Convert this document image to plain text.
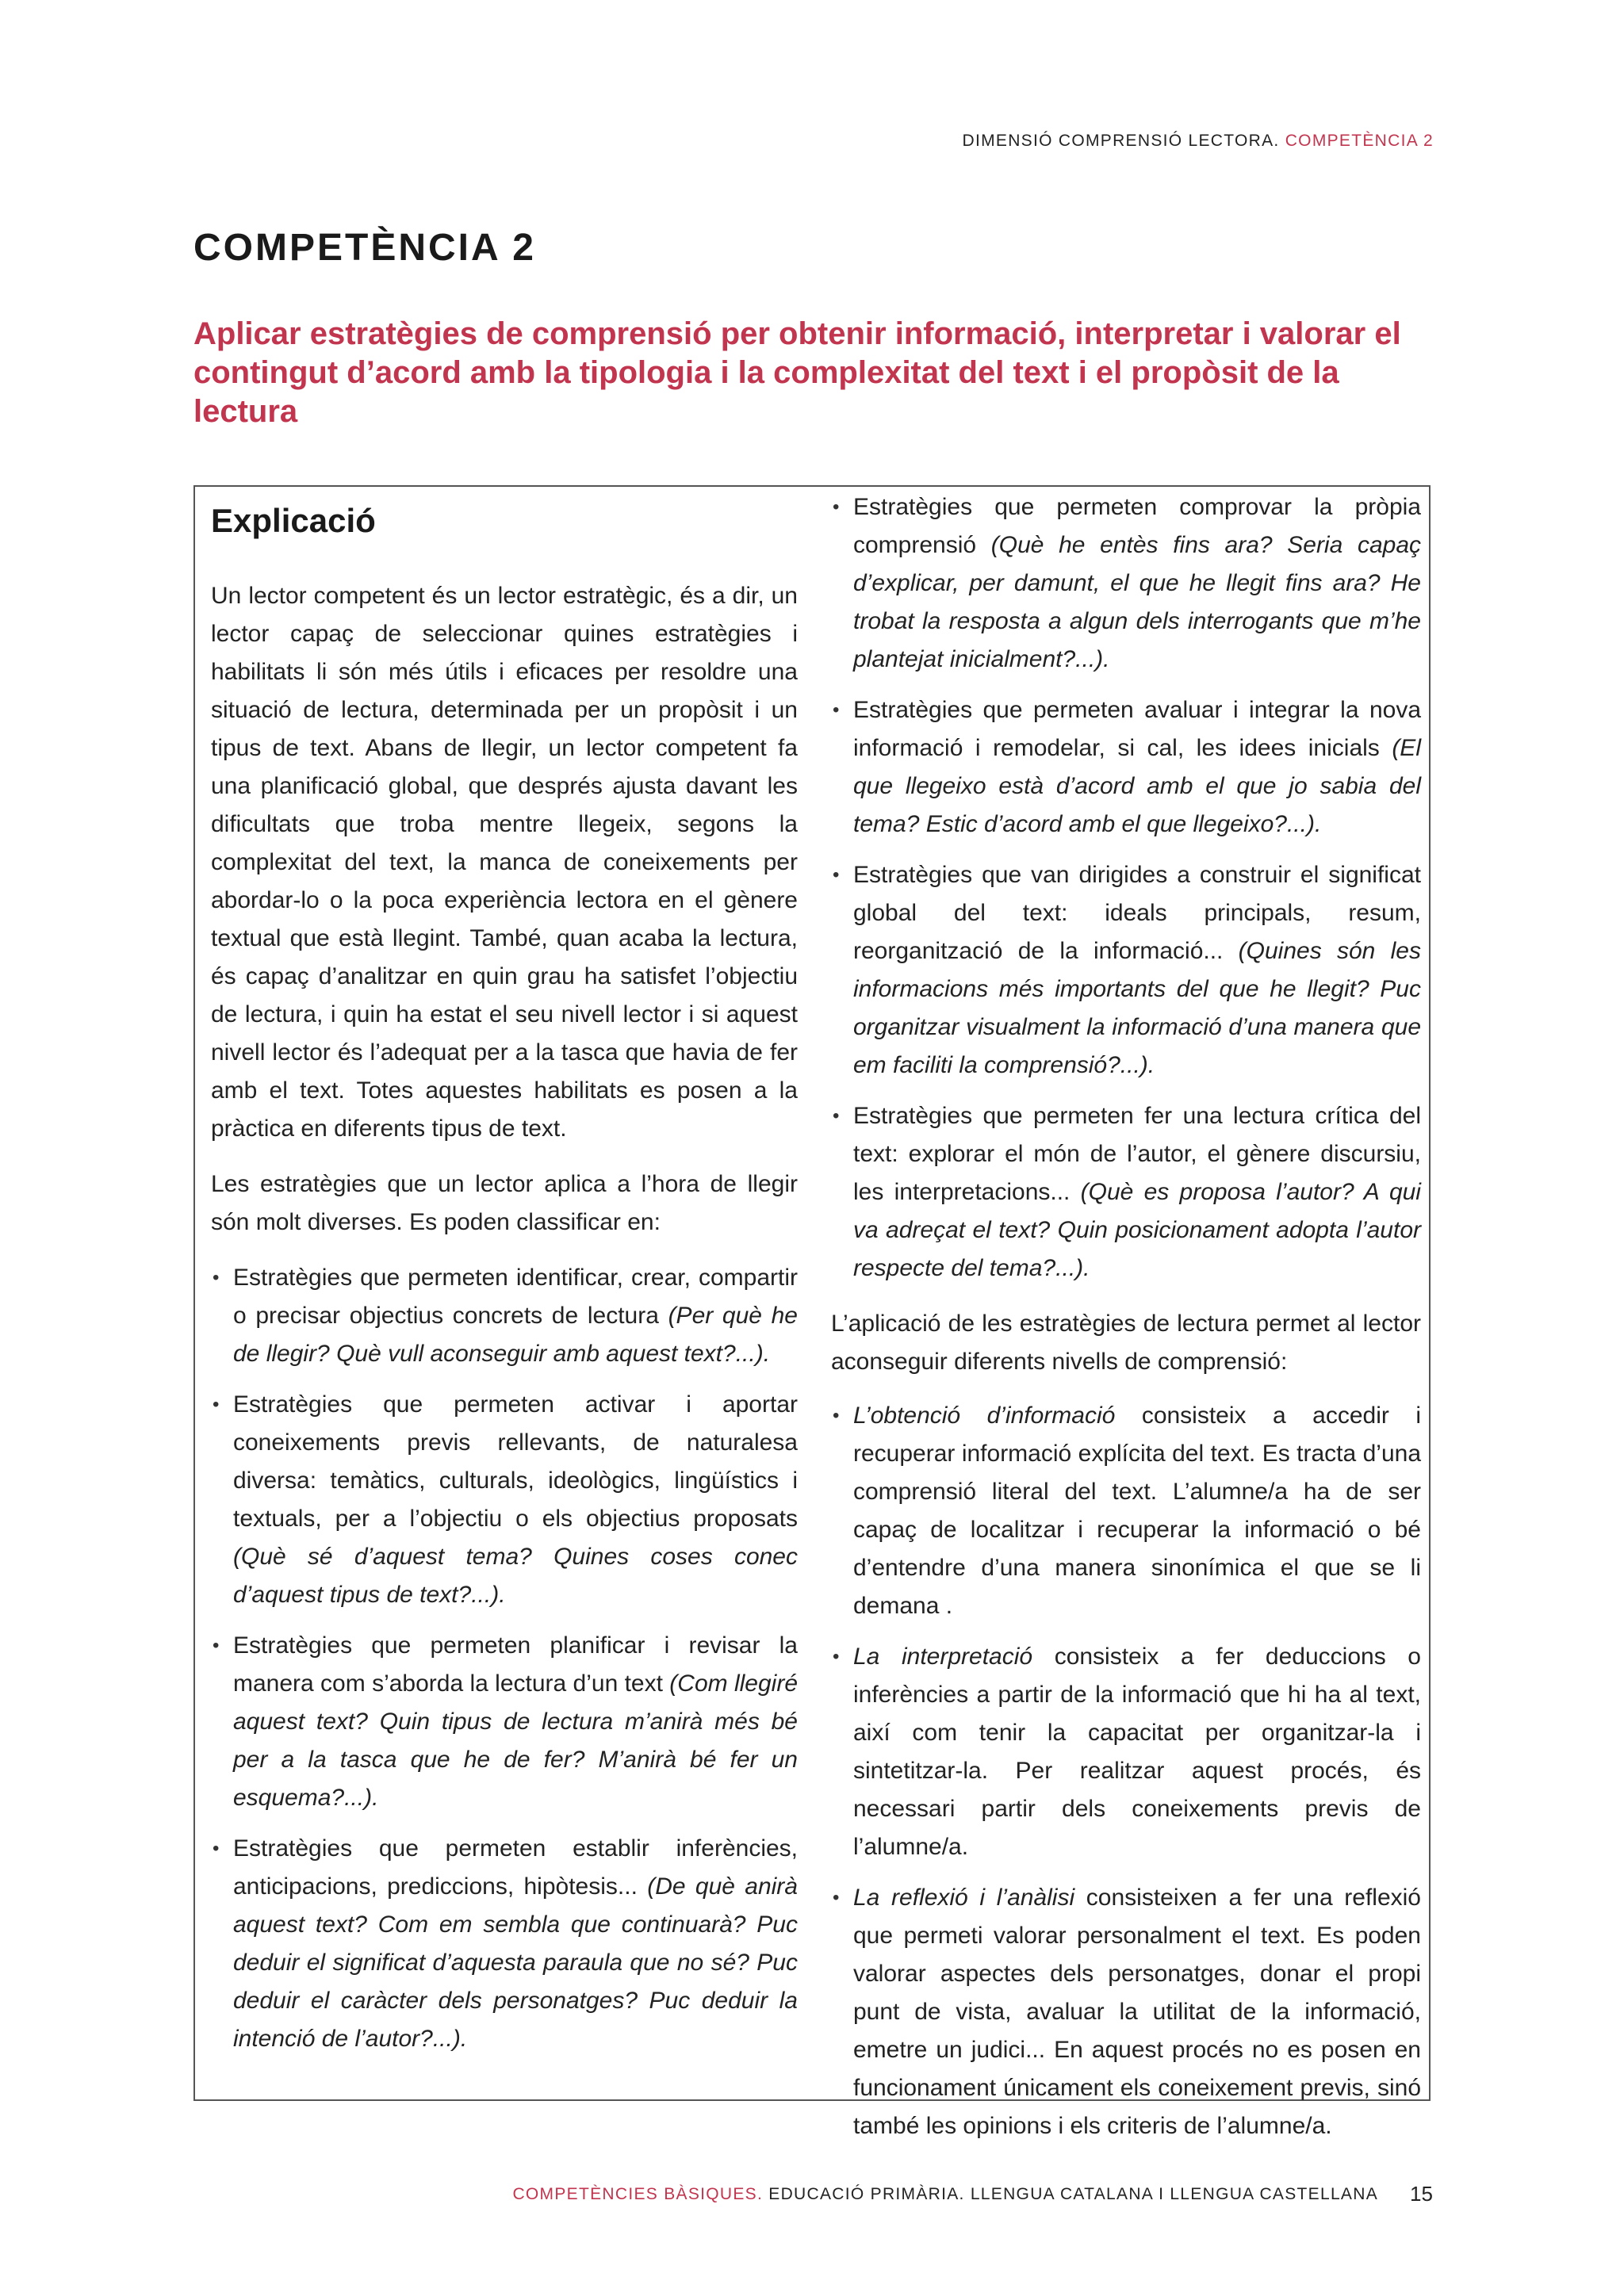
DIMENSIÓ COMPRENSIÓ LECTORA. COMPETÈNCIA 2
COMPETÈNCIA 2
Aplicar estratègies de comprensió per obtenir informació, interpretar i valorar el contingut d’acord amb la tipologia i la complexitat del text i el propòsit de la lectura
Explicació

Un lector competent és un lector estratègic, és a dir, un lector capaç de seleccionar quines estratègies i habilitats li són més útils i eficaces per resoldre una situació de lectura, determinada per un propòsit i un tipus de text. Abans de llegir, un lector competent fa una planificació global, que després ajusta davant les dificultats que troba mentre llegeix, segons la complexitat del text, la manca de coneixements per abordar-lo o la poca experiència lectora en el gènere textual que està llegint. També, quan acaba la lectura, és capaç d’analitzar en quin grau ha satisfet l’objectiu de lectura, i quin ha estat el seu nivell lector i si aquest nivell lector és l’adequat per a la tasca que havia de fer amb el text. Totes aquestes habilitats es posen a la pràctica en diferents tipus de text.

Les estratègies que un lector aplica a l’hora de llegir són molt diverses. Es poden classificar en:

• Estratègies que permeten identificar, crear, compartir o precisar objectius concrets de lectura (Per què he de llegir? Què vull aconseguir amb aquest text?...).
• Estratègies que permeten activar i aportar coneixements previs rellevants, de naturalesa diversa: temàtics, culturals, ideològics, lingüístics i textuals, per a l’objectiu o els objectius proposats (Què sé d’aquest tema? Quines coses conec d’aquest tipus de text?...).
• Estratègies que permeten planificar i revisar la manera com s’aborda la lectura d’un text (Com llegiré aquest text? Quin tipus de lectura m’anirà més bé per a la tasca que he de fer? M’anirà bé fer un esquema?...).
• Estratègies que permeten establir inferències, anticipacions, prediccions, hipòtesis... (De què anirà aquest text? Com em sembla que continuarà? Puc deduir el significat d’aquesta paraula que no sé? Puc deduir el caràcter dels personatges? Puc deduir la intenció de l’autor?...).
• Estratègies que permeten comprovar la pròpia comprensió (Què he entès fins ara? Seria capaç d’explicar, per damunt, el que he llegit fins ara? He trobat la resposta a algun dels interrogants que m’he plantejat inicialment?...).
• Estratègies que permeten avaluar i integrar la nova informació i remodelar, si cal, les idees inicials (El que llegeixo està d’acord amb el que jo sabia del tema? Estic d’acord amb el que llegeixo?...).
• Estratègies que van dirigides a construir el significat global del text: ideals principals, resum, reorganització de la informació... (Quines són les informacions més importants del que he llegit? Puc organitzar visualment la informació d’una manera que em faciliti la comprensió?...).
• Estratègies que permeten fer una lectura crítica del text: explorar el món de l’autor, el gènere discursiu, les interpretacions... (Què es proposa l’autor? A qui va adreçat el text? Quin posicionament adopta l’autor respecte del tema?...).

L’aplicació de les estratègies de lectura permet al lector aconseguir diferents nivells de comprensió:

• L’obtenció d’informació consisteix a accedir i recuperar informació explícita del text. Es tracta d’una comprensió literal del text. L’alumne/a ha de ser capaç de localitzar i recuperar la informació o bé d’entendre d’una manera sinonímica el que se li demana .
• La interpretació consisteix a fer deduccions o inferències a partir de la informació que hi ha al text, així com tenir la capacitat per organitzar-la i sintetitzar-la. Per realitzar aquest procés, és necessari partir dels coneixements previs de l’alumne/a.
• La reflexió i l’anàlisi consisteixen a fer una reflexió que permeti valorar personalment el text. Es poden valorar aspectes dels personatges, donar el propi punt de vista, avaluar la utilitat de la informació, emetre un judici... En aquest procés no es posen en funcionament únicament els coneixement previs, sinó també les opinions i els criteris de l’alumne/a.
COMPETÈNCIES BÀSIQUES. EDUCACIÓ PRIMÀRIA. LLENGUA CATALANA I LLENGUA CASTELLANA 15
